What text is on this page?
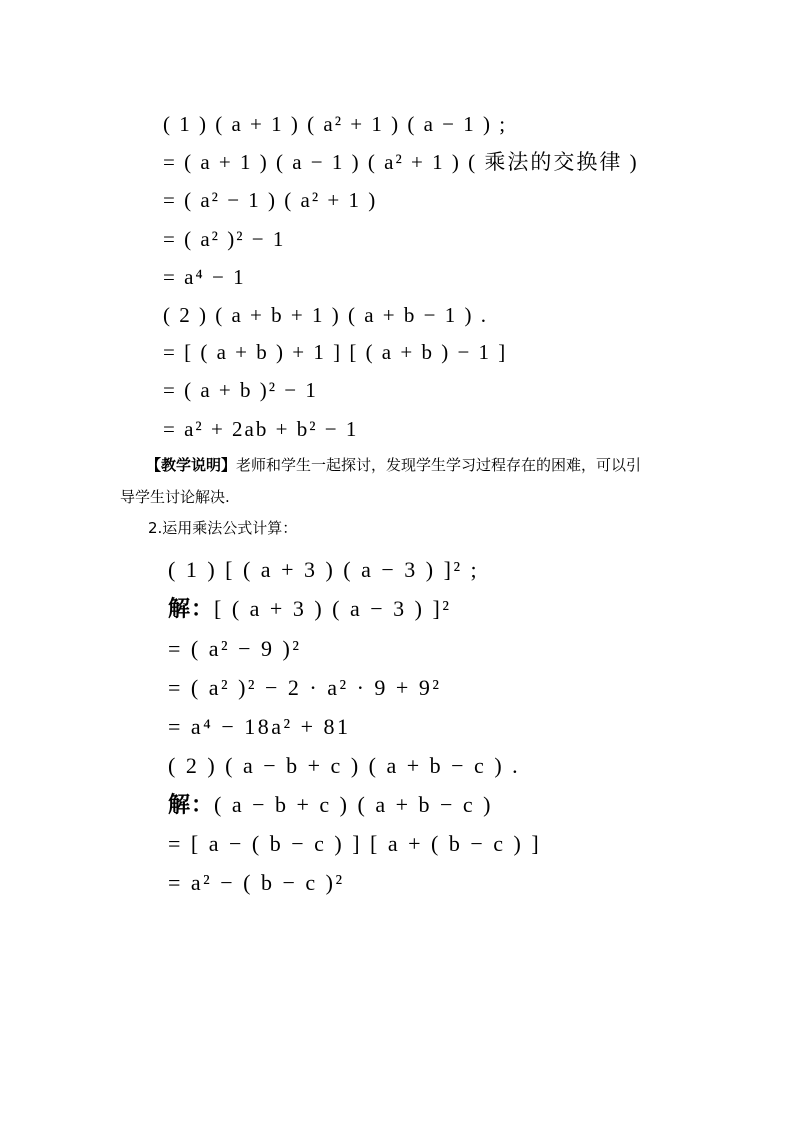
( 1 ) ( a + 1 ) ( a² + 1 ) ( a − 1 ) ;
= ( a + 1 ) ( a − 1 ) ( a² + 1 ) ( 乘法的交换律 )
= ( a² − 1 ) ( a² + 1 )
= ( a² )² − 1
= a⁴ − 1
( 2 ) ( a + b + 1 ) ( a + b − 1 ) .
= [ ( a + b ) + 1 ] [ ( a + b ) − 1 ]
= ( a + b )² − 1
= a² + 2ab + b² − 1
【教学说明】老师和学生一起探讨，发现学生学习过程存在的困难，可以引
导学生讨论解决.
2.运用乘法公式计算：
( 1 ) [ ( a + 3 ) ( a − 3 ) ]² ;
解：[ ( a + 3 ) ( a − 3 ) ]²
= ( a² − 9 )²
= ( a² )² − 2 · a² · 9 + 9²
= a⁴ − 18a² + 81
( 2 ) ( a − b + c ) ( a + b − c ) .
解：( a − b + c ) ( a + b − c )
= [ a − ( b − c ) ] [ a + ( b − c ) ]
= a² − ( b − c )²
